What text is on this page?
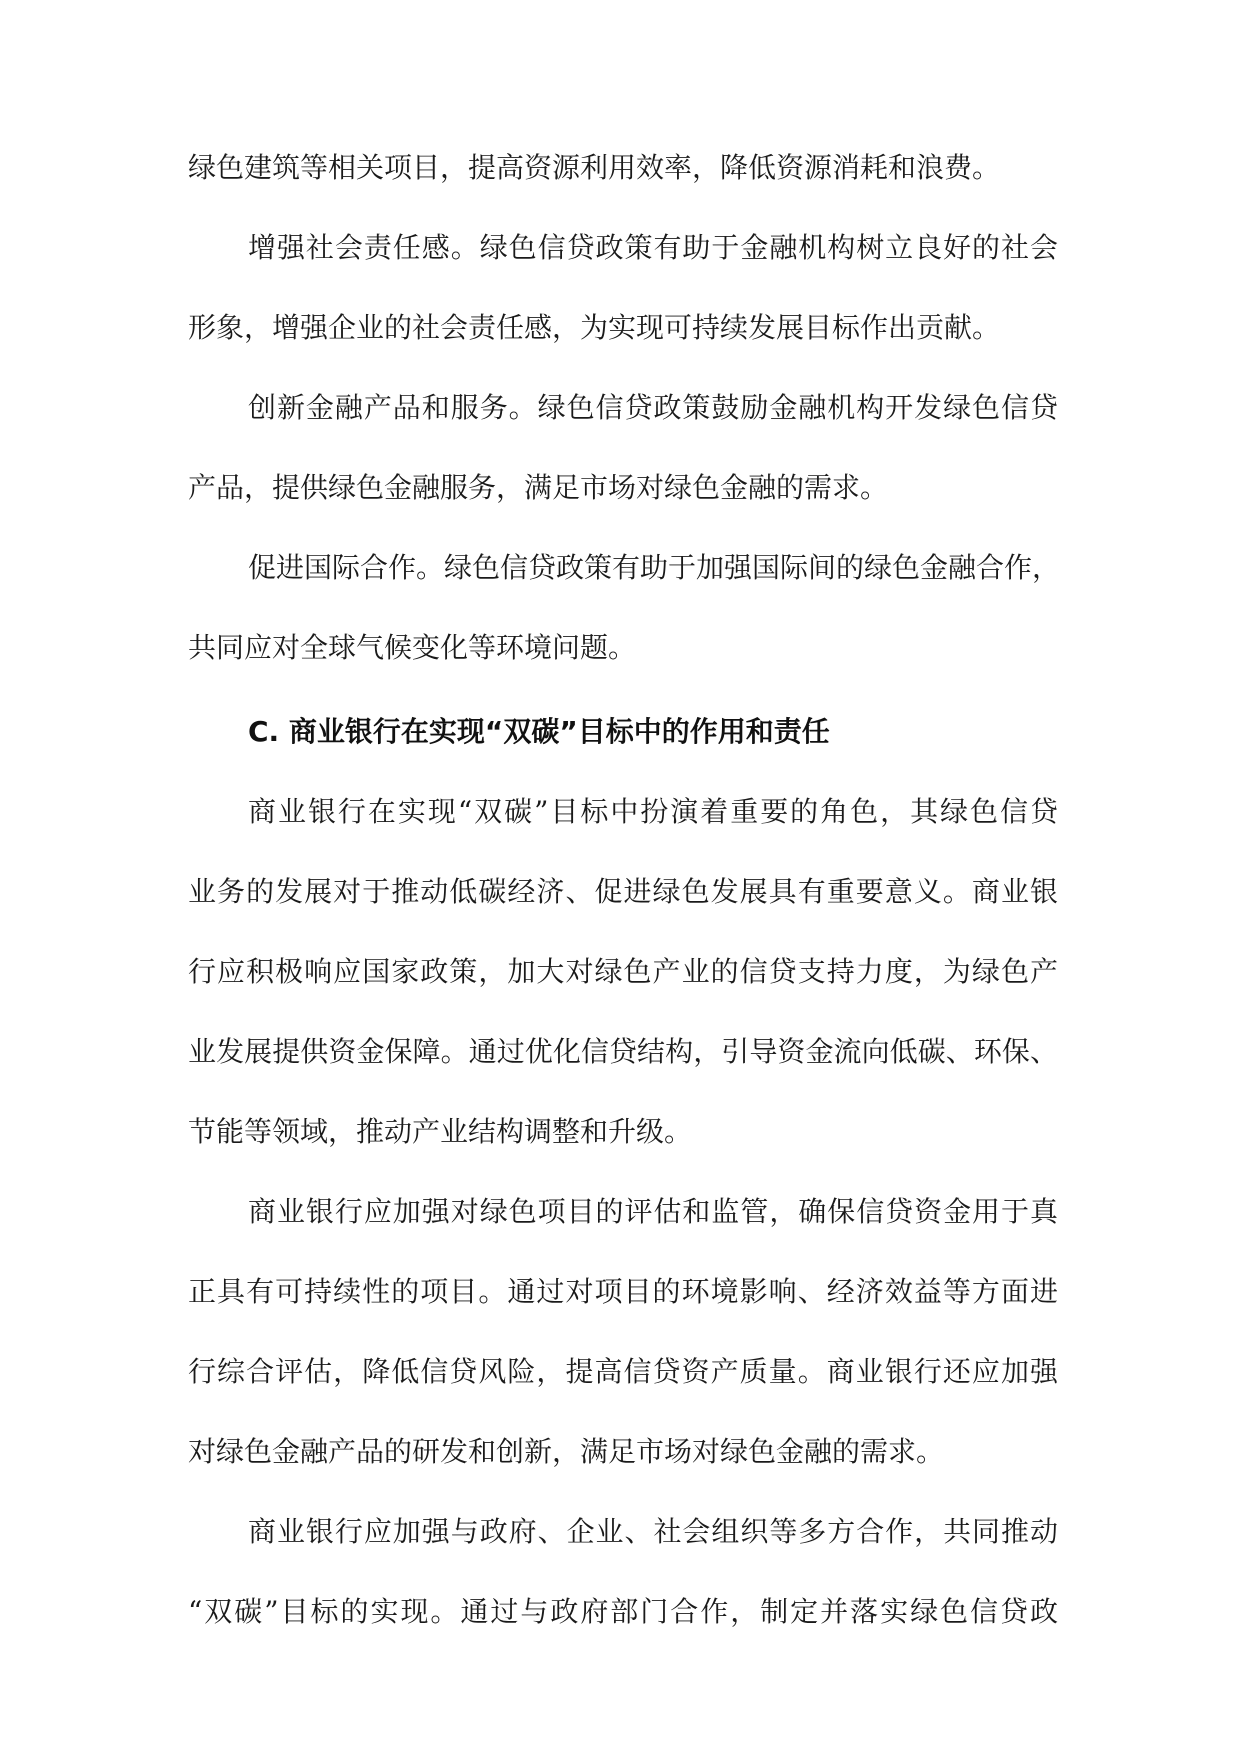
绿色建筑等相关项目，提高资源利用效率，降低资源消耗和浪费。
增强社会责任感。绿色信贷政策有助于金融机构树立良好的社会
形象，增强企业的社会责任感，为实现可持续发展目标作出贡献。
创新金融产品和服务。绿色信贷政策鼓励金融机构开发绿色信贷
产品，提供绿色金融服务，满足市场对绿色金融的需求。
促进国际合作。绿色信贷政策有助于加强国际间的绿色金融合作，
共同应对全球气候变化等环境问题。
C. 商业银行在实现“双碳”目标中的作用和责任
商业银行在实现“双碳”目标中扮演着重要的角色，其绿色信贷
业务的发展对于推动低碳经济、促进绿色发展具有重要意义。商业银
行应积极响应国家政策，加大对绿色产业的信贷支持力度，为绿色产
业发展提供资金保障。通过优化信贷结构，引导资金流向低碳、环保、
节能等领域，推动产业结构调整和升级。
商业银行应加强对绿色项目的评估和监管，确保信贷资金用于真
正具有可持续性的项目。通过对项目的环境影响、经济效益等方面进
行综合评估，降低信贷风险，提高信贷资产质量。商业银行还应加强
对绿色金融产品的研发和创新，满足市场对绿色金融的需求。
商业银行应加强与政府、企业、社会组织等多方合作，共同推动
“双碳”目标的实现。通过与政府部门合作，制定并落实绿色信贷政
